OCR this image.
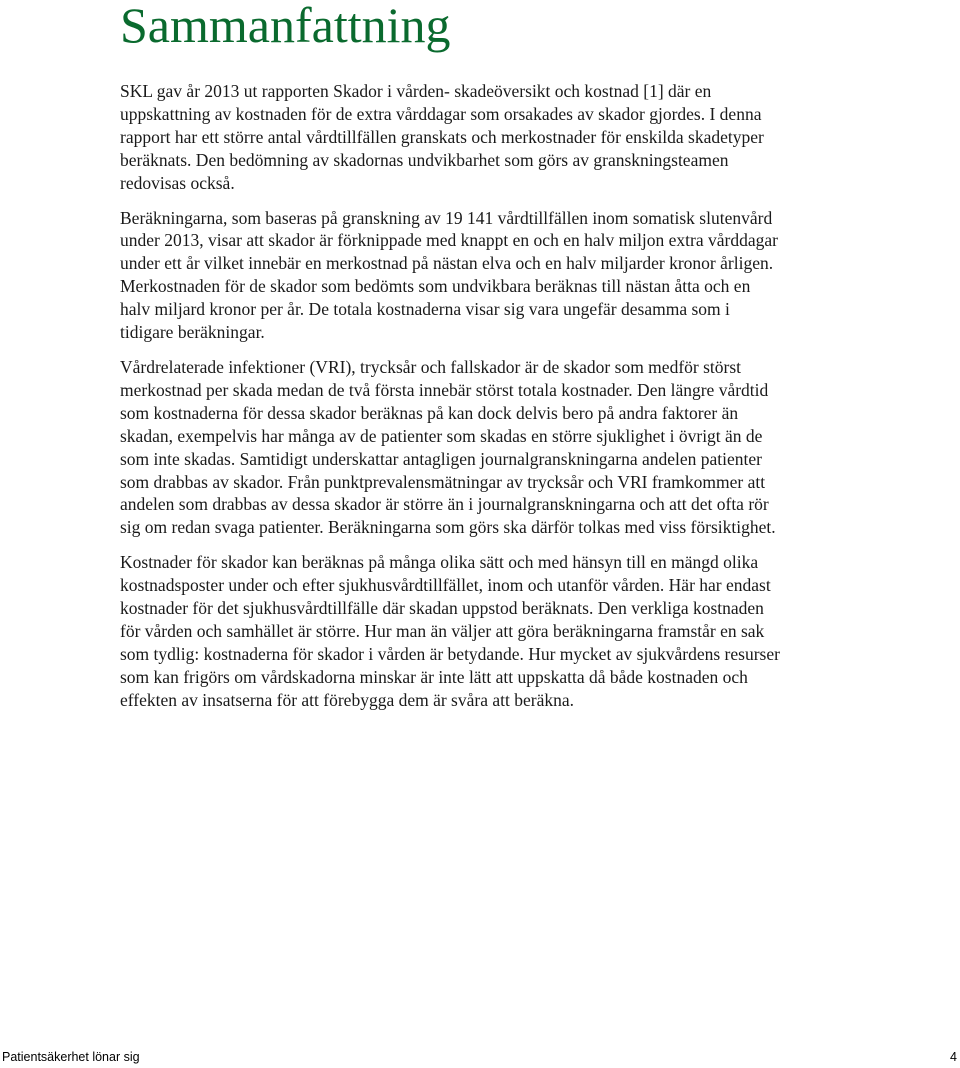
Sammanfattning

SKL gav år 2013 ut rapporten Skador i vården- skadeöversikt och kostnad [1] där en uppskattning av kostnaden för de extra vårddagar som orsakades av skador gjordes. I denna rapport har ett större antal vårdtillfällen granskats och merkostnader för enskilda skadetyper beräknats. Den bedömning av skadornas undvikbarhet som görs av granskningsteamen redovisas också.

Beräkningarna, som baseras på granskning av 19 141 vårdtillfällen inom somatisk slutenvård under 2013, visar att skador är förknippade med knappt en och en halv miljon extra vårddagar under ett år vilket innebär en merkostnad på nästan elva och en halv miljarder kronor årligen. Merkostnaden för de skador som bedömts som undvikbara beräknas till nästan åtta och en halv miljard kronor per år. De totala kostnaderna visar sig vara ungefär desamma som i tidigare beräkningar.

Vårdrelaterade infektioner (VRI), trycksår och fallskador är de skador som medför störst merkostnad per skada medan de två första innebär störst totala kostnader. Den längre vårdtid som kostnaderna för dessa skador beräknas på kan dock delvis bero på andra faktorer än skadan, exempelvis har många av de patienter som skadas en större sjuklighet i övrigt än de som inte skadas. Samtidigt underskattar antagligen journalgranskningarna andelen patienter som drabbas av skador. Från punktprevalensmätningar av trycksår och VRI framkommer att andelen som drabbas av dessa skador är större än i journalgranskningarna och att det ofta rör sig om redan svaga patienter. Beräkningarna som görs ska därför tolkas med viss försiktighet.

Kostnader för skador kan beräknas på många olika sätt och med hänsyn till en mängd olika kostnadsposter under och efter sjukhusvårdtillfället, inom och utanför vården. Här har endast kostnader för det sjukhusvårdtillfälle där skadan uppstod beräknats. Den verkliga kostnaden för vården och samhället är större. Hur man än väljer att göra beräkningarna framstår en sak som tydlig: kostnaderna för skador i vården är betydande. Hur mycket av sjukvårdens resurser som kan frigörs om vårdskadorna minskar är inte lätt att uppskatta då både kostnaden och effekten av insatserna för att förebygga dem är svåra att beräkna.

Patientsäkerhet lönar sig	4
